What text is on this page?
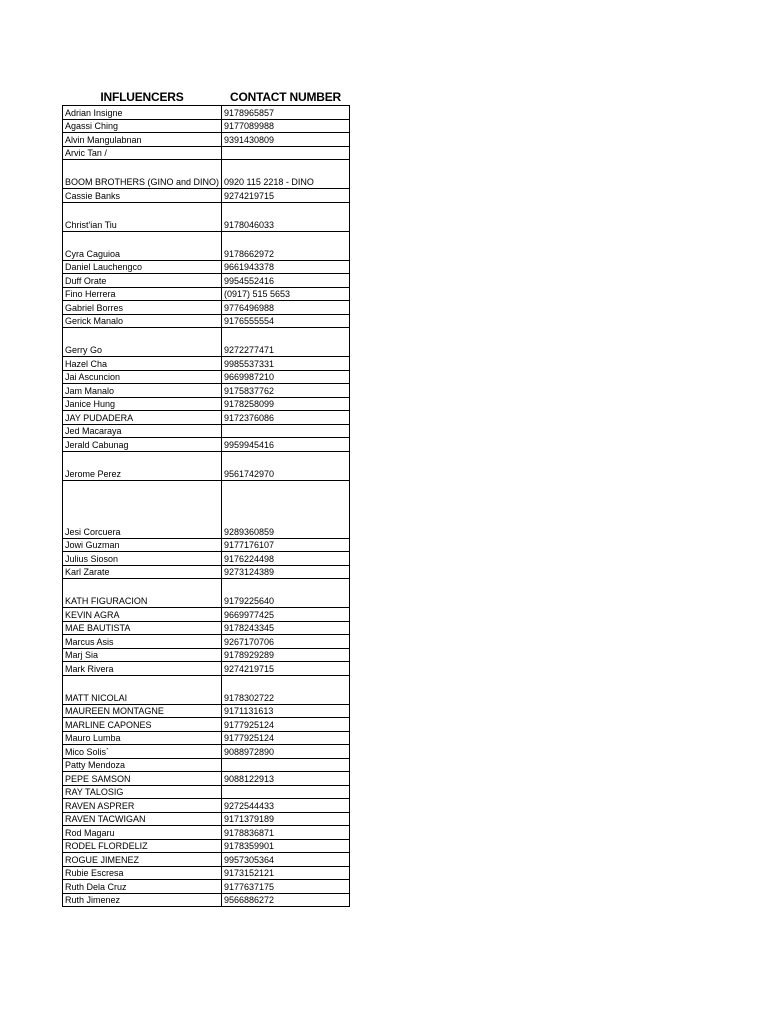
INFLUENCERS	CONTACT NUMBER
Adrian Insigne	9178965857
Agassi Ching	9177089988
Alvin Mangulabnan	9391430809
Arvic Tan /	
BOOM BROTHERS (GINO and DINO)	0920 115 2218 - DINO
Cassie Banks	9274219715
Christ'ian Tiu	9178046033
Cyra Caguioa	9178662972
Daniel Lauchengco	9661943378
Duff Orate	9954552416
Fino Herrera	(0917) 515 5653
Gabriel Borres	9776496988
Gerick Manalo	9176555554
Gerry Go	9272277471
Hazel Cha	9985537331
Jai Ascuncion	9669987210
Jam Manalo	9175837762
Janice Hung	9178258099
JAY PUDADERA	9172376086
Jed Macaraya	
Jerald Cabunag	9959945416
Jerome Perez	9561742970
Jesi Corcuera	9289360859
Jowi Guzman	9177176107
Julius Sioson	9176224498
Karl Zarate	9273124389
KATH FIGURACION	9179225640
KEVIN AGRA	9669977425
MAE BAUTISTA	9178243345
Marcus Asis	9267170706
Marj Sia	9178929289
Mark Rivera	9274219715
MATT NICOLAI	9178302722
MAUREEN MONTAGNE	9171131613
MARLINE CAPONES	9177925124
Mauro Lumba	9177925124
Mico Solis`	9088972890
Patty Mendoza	
PEPE SAMSON	9088122913
RAY TALOSIG	
RAVEN ASPRER	9272544433
RAVEN TACWIGAN	9171379189
Rod Magaru	9178836871
RODEL FLORDELIZ	9178359901
ROGUE JIMENEZ	9957305364
Rubie Escresa	9173152121
Ruth Dela Cruz	9177637175
Ruth Jimenez	9566886272
